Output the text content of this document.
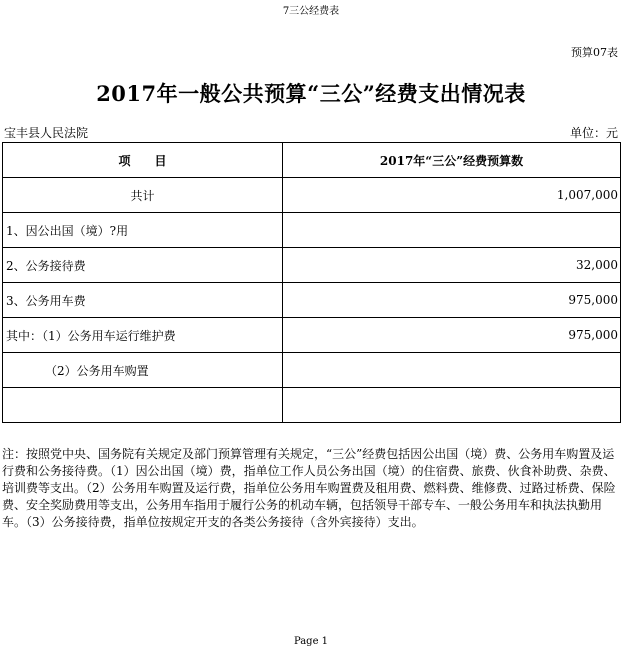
7三公经费表
预算07表
2017年一般公共预算“三公”经费支出情况表
宝丰县人民法院	单位：元
项　　目	2017年“三公”经费预算数
共计	1,007,000
1、因公出国（境）?用	
2、公务接待费	32,000
3、公务用车费	975,000
其中：（1）公务用车运行维护费	975,000
（2）公务用车购置	

注：按照党中央、国务院有关规定及部门预算管理有关规定，“三公”经费包括因公出国（境）费、公务用车购置及运行费和公务接待费。（1）因公出国（境）费，指单位工作人员公务出国（境）的住宿费、旅费、伙食补助费、杂费、培训费等支出。（2）公务用车购置及运行费，指单位公务用车购置费及租用费、燃料费、维修费、过路过桥费、保险费、安全奖励费用等支出，公务用车指用于履行公务的机动车辆，包括领导干部专车、一般公务用车和执法执勤用车。（3）公务接待费，指单位按规定开支的各类公务接待（含外宾接待）支出。
Page 1
